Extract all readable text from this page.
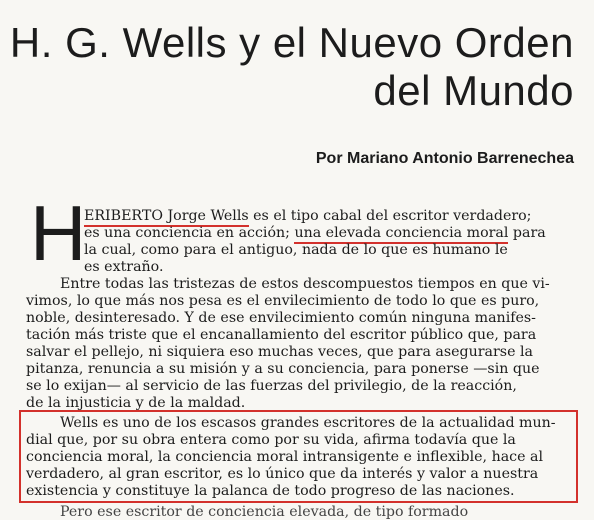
H. G. Wells y el Nuevo Orden
del Mundo
Por Mariano Antonio Barrenechea
H
ERIBERTO Jorge Wells es el tipo cabal del escritor verdadero;
es una conciencia en acción; una elevada conciencia moral para
la cual, como para el antiguo, nada de lo que es humano le
es extraño.
Entre todas las tristezas de estos descompuestos tiempos en que vi-
vimos, lo que más nos pesa es el envilecimiento de todo lo que es puro,
noble, desinteresado. Y de ese envilecimiento común ninguna manifes-
tación más triste que el encanallamiento del escritor público que, para
salvar el pellejo, ni siquiera eso muchas veces, que para asegurarse la
pitanza, renuncia a su misión y a su conciencia, para ponerse —sin que
se lo exijan— al servicio de las fuerzas del privilegio, de la reacción,
de la injusticia y de la maldad.
Wells es uno de los escasos grandes escritores de la actualidad mun-
dial que, por su obra entera como por su vida, afirma todavía que la
conciencia moral, la conciencia moral intransigente e inflexible, hace al
verdadero, al gran escritor, es lo único que da interés y valor a nuestra
existencia y constituye la palanca de todo progreso de las naciones.
Pero ese escritor de conciencia elevada, de tipo formado
